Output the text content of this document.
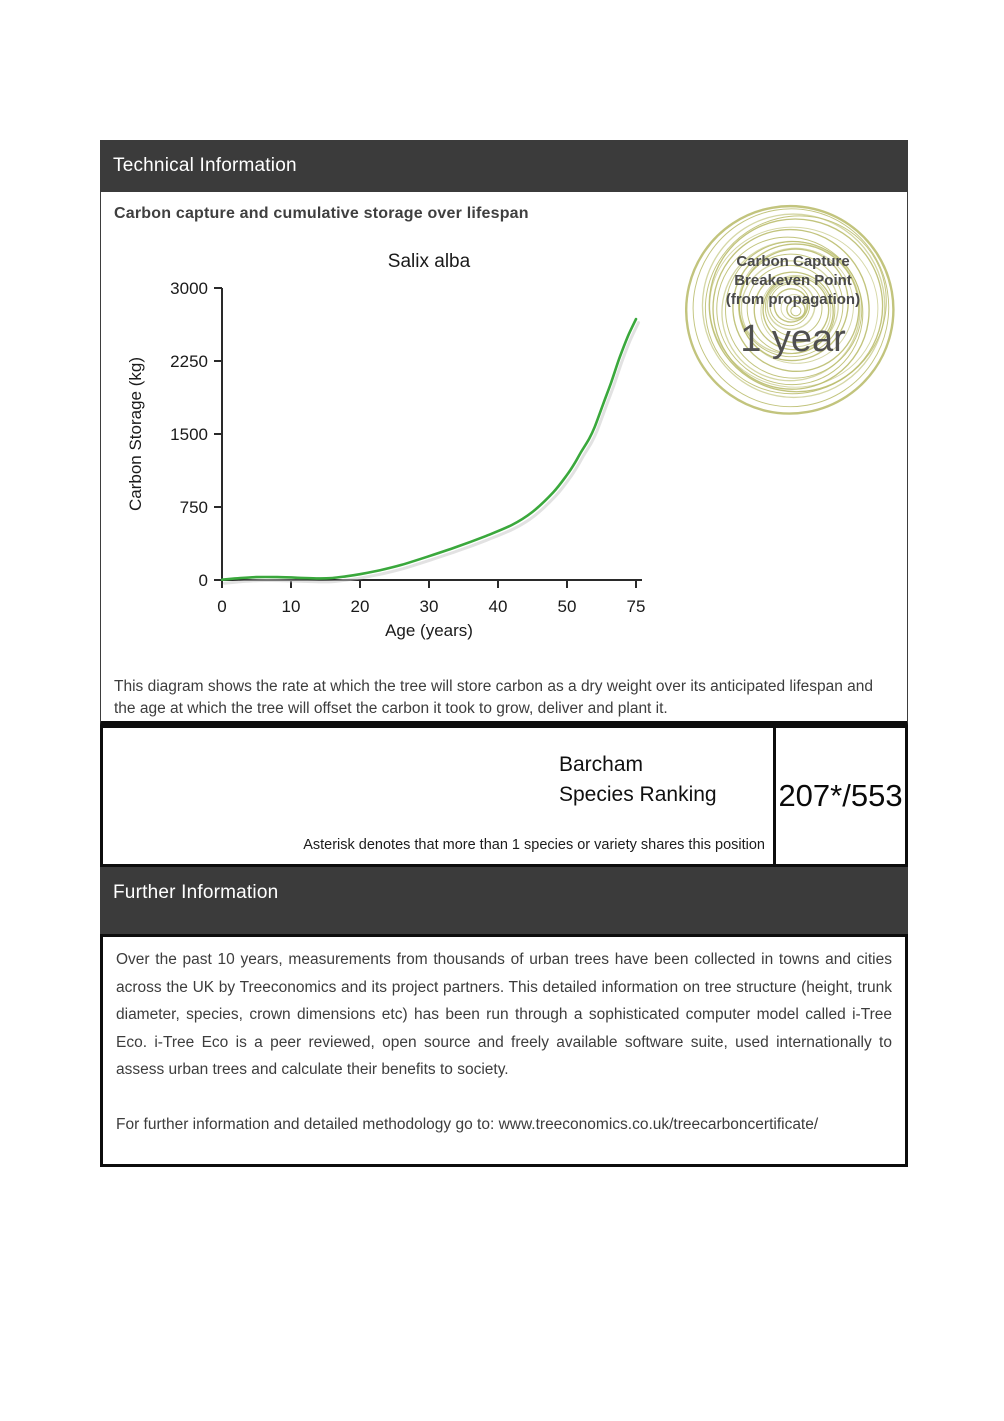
Technical Information
Carbon capture and cumulative storage over lifespan
Salix alba
Carbon Storage (kg)
Age (years)
0
750
1500
2250
3000
0	10	20	30	40	50	75
Carbon Capture
Breakeven Point
(from propagation)
1 year
This diagram shows the rate at which the tree will store carbon as a dry weight over its anticipated lifespan and the age at which the tree will offset the carbon it took to grow, deliver and plant it.
Barcham
Species Ranking
Asterisk denotes that more than 1 species or variety shares this position
207*/553
Further Information

Over the past 10 years, measurements from thousands of urban trees have been collected in towns and cities across the UK by Treeconomics and its project partners. This detailed information on tree structure (height, trunk diameter, species, crown dimensions etc) has been run through a sophisticated computer model called i-Tree Eco. i-Tree Eco is a peer reviewed, open source and freely available software suite, used internationally to assess urban trees and calculate their benefits to society.

For further information and detailed methodology go to: www.treeconomics.co.uk/treecarboncertificate/
